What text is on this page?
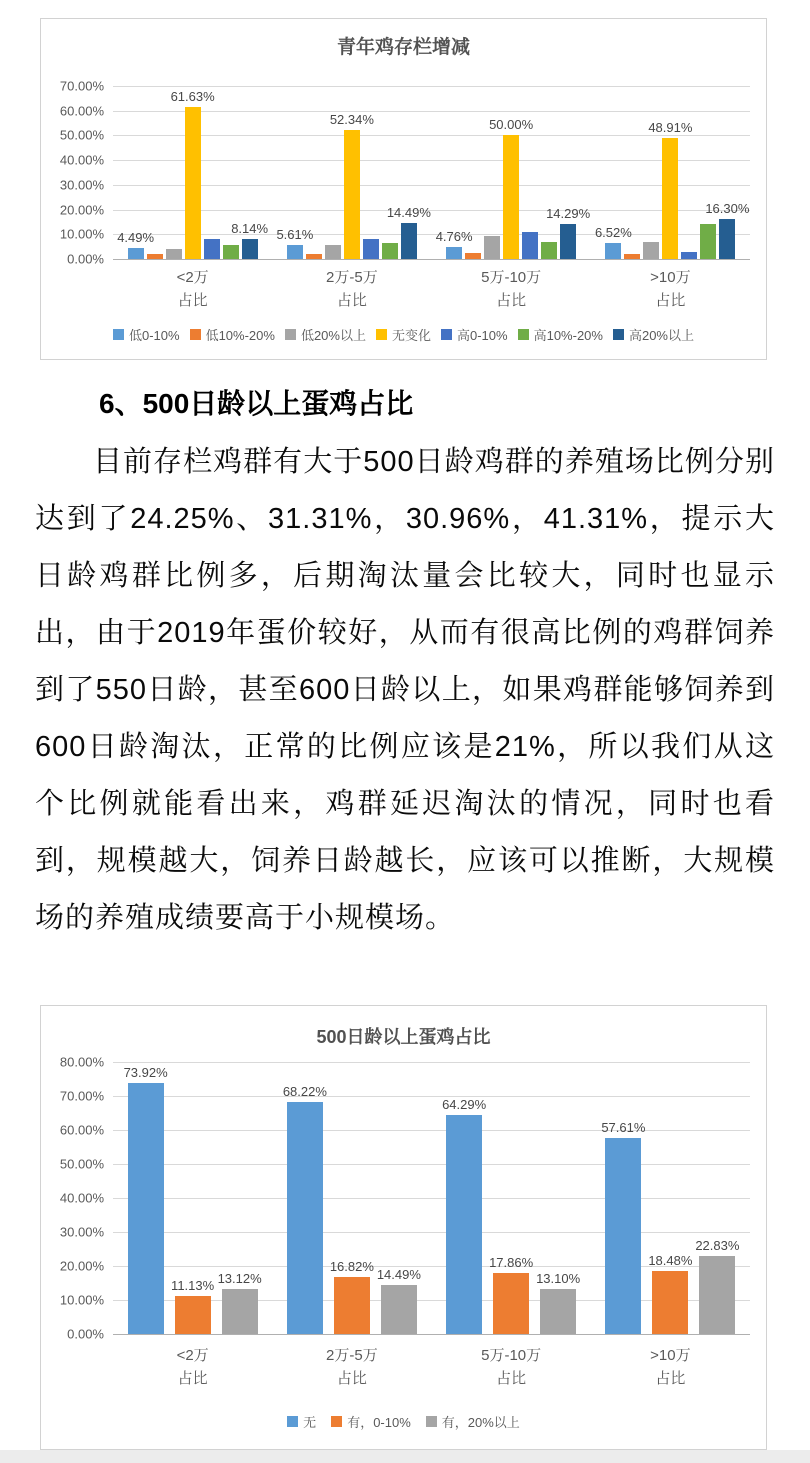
青年鸡存栏增减
70.00%
60.00%
50.00%
40.00%
30.00%
20.00%
10.00%
0.00%
4.49%
61.63%
8.14% 5.61%
52.34%
14.49%
4.76%
50.00%
14.29%
6.52%
48.91%
16.30%
<2万
占比
2万-5万
占比
5万-10万
占比
>10万
占比
低0-10% 低10%-20% 低20%以上 无变化 高0-10% 高10%-20% 高20%以上
6、500日龄以上蛋鸡占比

目前存栏鸡群有大于500日龄鸡群的养殖场比例分别达到了24.25%、31.31%，30.96%，41.31%，提示大日龄鸡群比例多，后期淘汰量会比较大，同时也显示出，由于2019年蛋价较好，从而有很高比例的鸡群饲养到了550日龄，甚至600日龄以上，如果鸡群能够饲养到600日龄淘汰，正常的比例应该是21%，所以我们从这个比例就能看出来，鸡群延迟淘汰的情况，同时也看到，规模越大，饲养日龄越长，应该可以推断，大规模场的养殖成绩要高于小规模场。

500日龄以上蛋鸡占比
80.00%
70.00%
60.00%
50.00%
40.00%
30.00%
20.00%
10.00%
0.00%
73.92%
11.13% 13.12%
68.22%
16.82%
14.49%
64.29%
17.86%
13.10%
57.61%
18.48%
22.83%
<2万
占比
2万-5万
占比
5万-10万
占比
>10万
占比
无 有，0-10% 有，20%以上
